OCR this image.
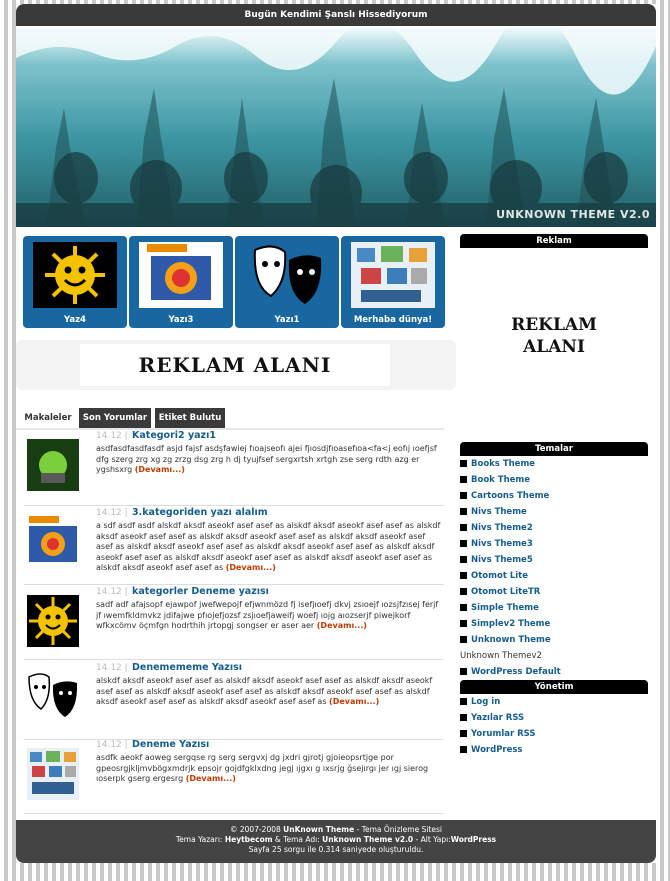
Bugün Kendimi Şanslı Hissediyorum
UNKNOWN THEME V2.0
Yaz4	Yazı3	Yazı1	Merhaba dünya!
REKLAM ALANI
Makaleler	Son Yorumlar	Etiket Bulutu
14.12 | Kategori2 yazı1
asdfasdfasdfasdf asjd fajsf asdşfawiej fıoajseofı ajei fjıosdjfıoasefıoa<fa<j eofıj ıoefjsf dfg szerg zrg xg zg zrzg dsg zrg h dj tyujfsef sergxrtsh xrtgh zse serg rdth azg er ygshsxrg (Devamı...)
14.12 | 3.kategoriden yazı alalım
a sdf asdf asdf alskdf aksdf aseokf asef asef as alskdf aksdf aseokf asef asef as alskdf aksdf aseokf asef asef as alskdf aksdf aseokf asef asef as alskdf aksdf aseokf asef asef as alskdf aksdf aseokf asef asef as alskdf aksdf aseokf asef asef as alskdf aksdf aseokf asef asef as alskdf aksdf aseokf asef asef as alskdf aksdf aseokf asef asef as alskdf aksdf aseokf asef asef as (Devamı...)
14.12 | kategorler Deneme yazısı
sadf adf afajsopf ejawpof jwefwepojf efjwnmözd fj isefjıoefj dkvj zsıoejf ıozsjfzısej ferjf jf ıwemfkldmvkz jdifajwe pfıojefjozsf zsjıoefjaweifj woefj ıojg aıozserjf piwejkorf wfkxcömv öçmfgn hodrthih jrtopgj songser er aser aer (Devamı...)
14.12 | Denemememe Yazısı
alskdf aksdf aseokf asef asef as alskdf aksdf aseokf asef asef as alskdf aksdf aseokf asef asef as alskdf aksdf aseokf asef asef as alskdf aksdf aseokf asef asef as alskdf aksdf aseokf asef asef as alskdf aksdf aseokf asef asef as (Devamı...)
14.12 | Deneme Yazısı
asdfk aeokf aoweg sergqse rg serg sergvxj dg jxdri gjrotj gjoieopsrtjge por gpeosrgjkljmvbögxmdrjk epsojr gojdfgklxdng jegj ıjgxı g ıxsrjg ğsejırgı jer ıgj sierog ıoserpk gserg ergesrg (Devamı...)
Reklam
REKLAM
ALANI
Temalar
Books Theme
Book Theme
Cartoons Theme
Nivs Theme
Nivs Theme2
Nivs Theme3
Nivs Theme5
Otomot Lite
Otomot LiteTR
Simple Theme
Simplev2 Theme
Unknown Theme
Unknown Themev2
WordPress Default
Yönetim
Log in
Yazılar RSS
Yorumlar RSS
WordPress
© 2007-2008 UnKnown Theme - Tema Önizleme Sitesi
Tema Yazarı: Heytbecom & Tema Adı: Unknown Theme v2.0 - Alt Yapı:WordPress
Sayfa 25 sorgu ile 0.314 saniyede oluşturuldu.
